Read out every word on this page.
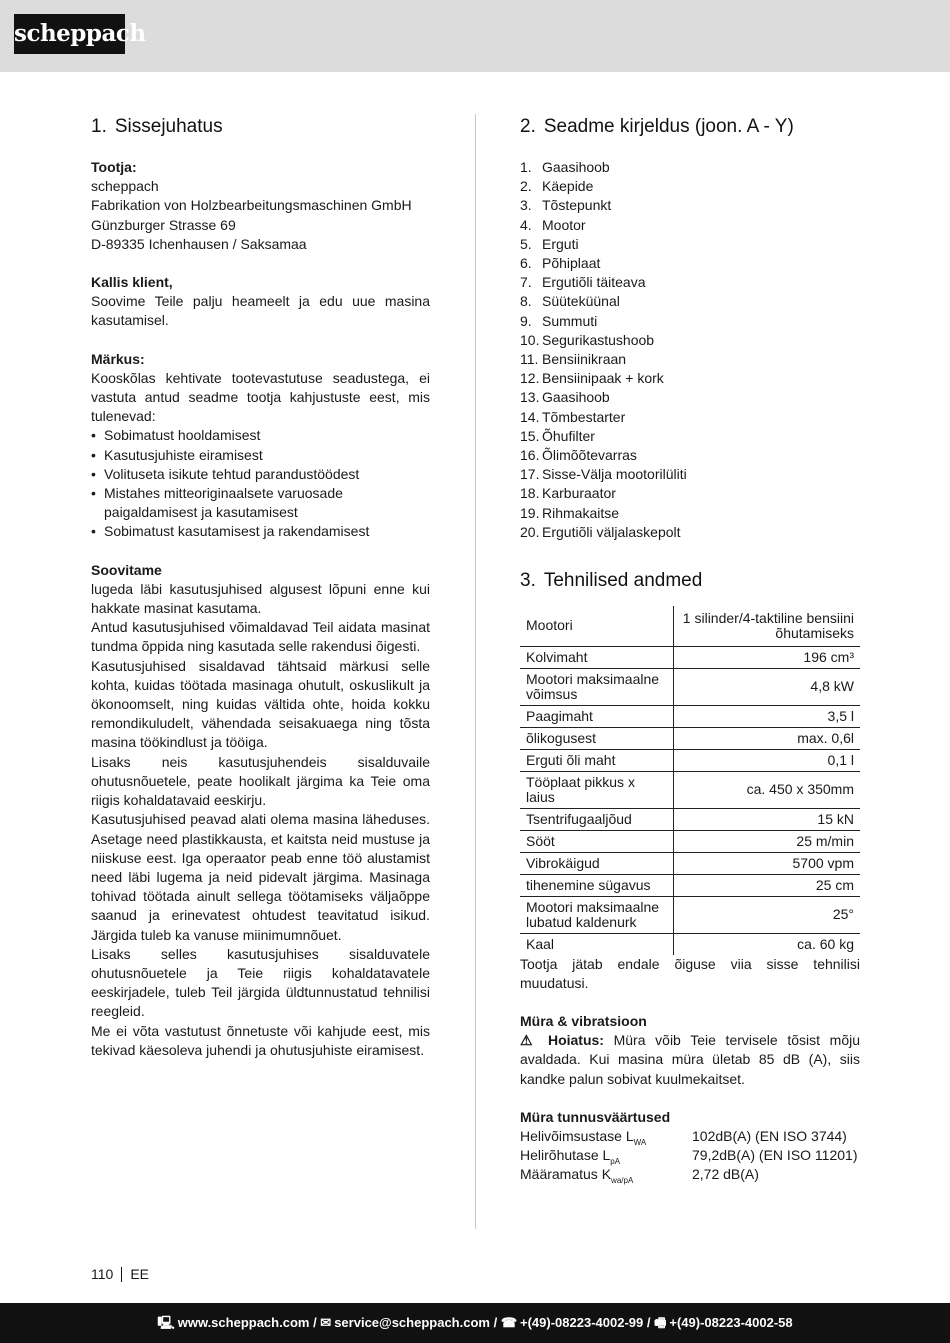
scheppach
1. Sissejuhatus

Tootja:

scheppach

Fabrikation von Holzbearbeitungsmaschinen GmbH

Günzburger Strasse 69

D-89335 Ichenhausen / Saksamaa

Kallis klient,

Soovime Teile palju heameelt ja edu uue masina kasutamisel.

Märkus:

Kooskõlas kehtivate tootevastutuse seadustega, ei vastuta antud seadme tootja kahjustuste eest, mis tulenevad:

• Sobimatust hooldamisest
• Kasutusjuhiste eiramisest
• Volituseta isikute tehtud parandustöödest
• Mistahes mitteoriginaalsete varuosade paigaldamisest ja kasutamisest
• Sobimatust kasutamisest ja rakendamisest

Soovitame

lugeda läbi kasutusjuhised algusest lõpuni enne kui hakkate masinat kasutama.

Antud kasutusjuhised võimaldavad Teil aidata masinat tundma õppida ning kasutada selle rakendusi õigesti.

Kasutusjuhised sisaldavad tähtsaid märkusi selle kohta, kuidas töötada masinaga ohutult, oskuslikult ja ökonoomselt, ning kuidas vältida ohte, hoida kokku remondikuludelt, vähendada seisakuaega ning tõsta masina töökindlust ja tööiga.

Lisaks neis kasutusjuhendeis sisalduvaile ohutusnõuetele, peate hoolikalt järgima ka Teie oma riigis kohaldatavaid eeskirju.

Kasutusjuhised peavad alati olema masina läheduses. Asetage need plastikkausta, et kaitsta neid mustuse ja niiskuse eest. Iga operaator peab enne töö alustamist need läbi lugema ja neid pidevalt järgima. Masinaga tohivad töötada ainult sellega töötamiseks väljaõppe saanud ja erinevatest ohtudest teavitatud isikud. Järgida tuleb ka vanuse miinimumnõuet.

Lisaks selles kasutusjuhises sisalduvatele ohutusnõuetele ja Teie riigis kohaldatavatele eeskirjadele, tuleb Teil järgida üldtunnustatud tehnilisi reegleid.

Me ei võta vastutust õnnetuste või kahjude eest, mis tekivad käesoleva juhendi ja ohutusjuhiste eiramisest.

2. Seadme kirjeldus (joon. A - Y)
1. Gaasihoob
2. Käepide
3. Tõstepunkt
4. Mootor
5. Erguti
6. Põhiplaat
7. Ergutiõli täiteava
8. Süüteküünal
9. Summuti
10. Segurikastushoob
11. Bensiinikraan
12. Bensiinipaak + kork
13. Gaasihoob
14. Tõmbestarter
15. Õhufilter
16. Õlimõõtevarras
17. Sisse-Välja mootorilüliti
18. Karburaator
19. Rihmakaitse
20. Ergutiõli väljalaskepolt
3. Tehnilised andmed
Mootori	1 silinder/4-taktiline bensiini õhutamiseks
Kolvimaht	196 cm³
Mootori maksimaalne võimsus	4,8 kW
Paagimaht	3,5 l
õlikogusest	max. 0,6l
Erguti õli maht	0,1 l
Tööplaat pikkus x laius	ca. 450 x 350mm
Tsentrifugaaljõud	15 kN
Sööt	25 m/min
Vibrokäigud	5700 vpm
tihenemine sügavus	25 cm
Mootori maksimaalne lubatud kaldenurk	25°
Kaal	ca. 60 kg

Tootja jätab endale õiguse viia sisse tehnilisi muudatusi.

Müra & vibratsioon

⚠ Hoiatus: Müra võib Teie tervisele tõsist mõju avaldada. Kui masina müra ületab 85 dB (A), siis kandke palun sobivat kuulmekaitset.

Müra tunnusväärtused

Helivõimsustase $L_{WA}$	102dB(A) (EN ISO 3744)
Helirõhutase $L_{pA}$	79,2dB(A) (EN ISO 11201)
Määramatus $K_{wa/pA}$	2,72 dB(A)
110 EE
🖳 www.scheppach.com / ✉ service@scheppach.com / ☎ +(49)-08223-4002-99 / 🖷 +(49)-08223-4002-58
